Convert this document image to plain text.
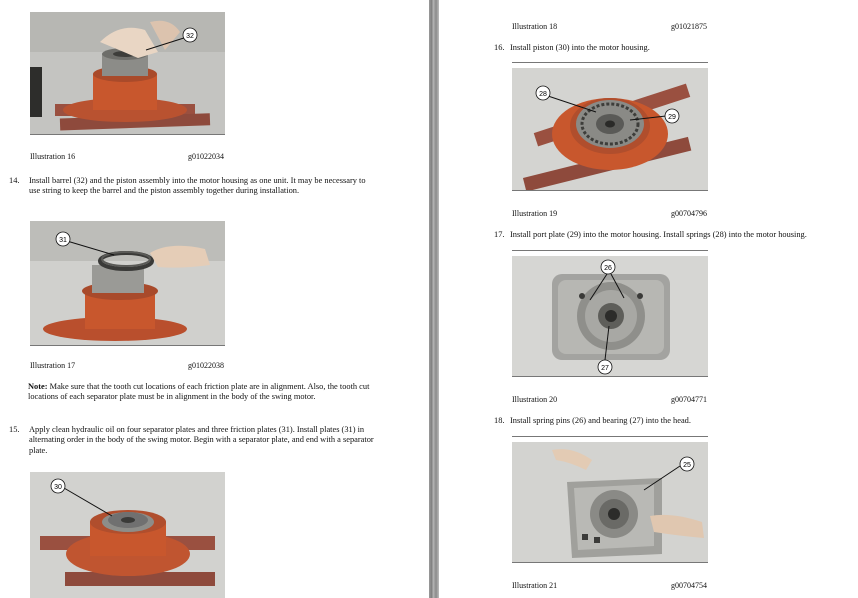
32
Illustration 16	g01022034
14. Install barrel (32) and the piston assembly into the motor housing as one unit. It may be necessary to use string to keep the barrel and the piston assembly together during installation.
31
Illustration 17	g01022038
Note: Make sure that the tooth cut locations of each friction plate are in alignment. Also, the tooth cut locations of each separator plate must be in alignment in the body of the swing motor.
15. Apply clean hydraulic oil on four separator plates and three friction plates (31). Install plates (31) in alternating order in the body of the swing motor. Begin with a separator plate, and end with a separator plate.
30
Illustration 18	g01021875
16. Install piston (30) into the motor housing.
28
29
Illustration 19	g00704796
17. Install port plate (29) into the motor housing. Install springs (28) into the motor housing.
26
27
Illustration 20	g00704771
18. Install spring pins (26) and bearing (27) into the head.
25
Illustration 21	g00704754
